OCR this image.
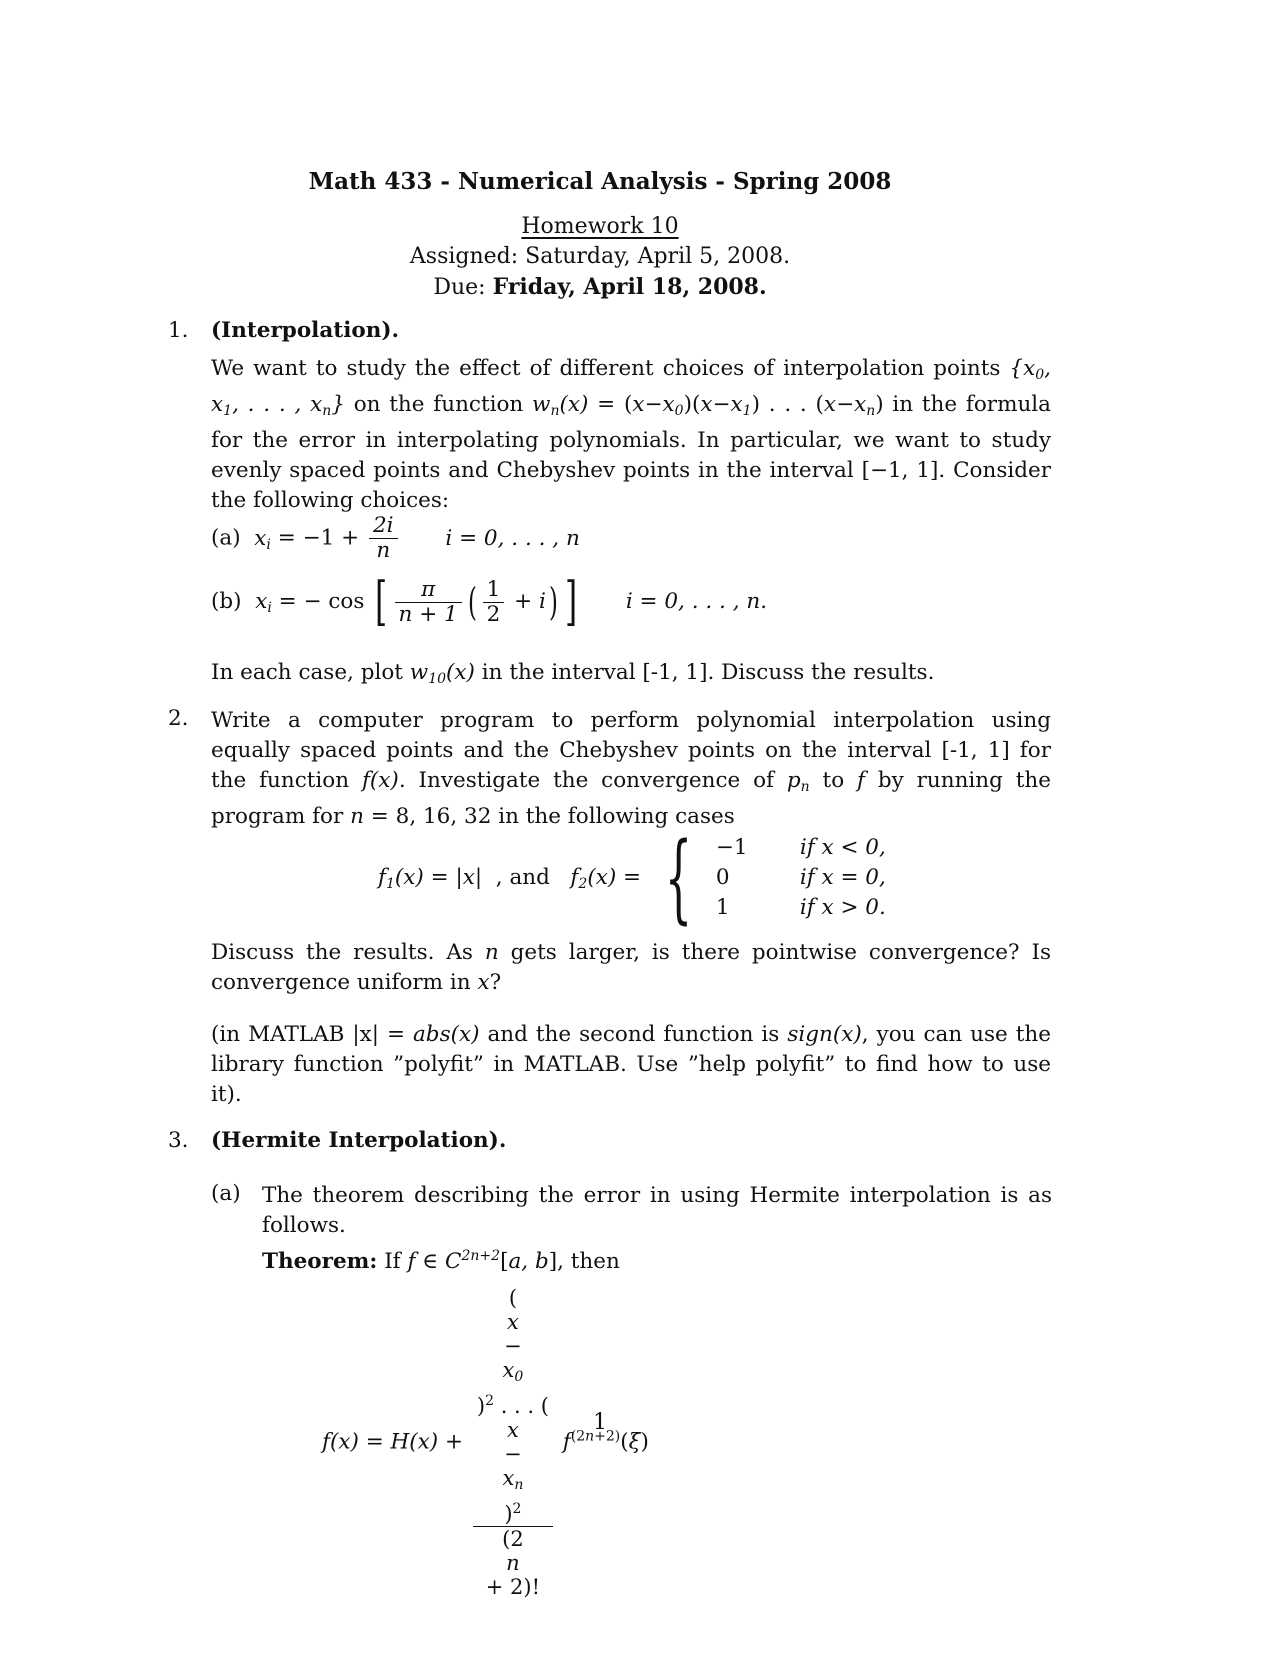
Math 433 - Numerical Analysis - Spring 2008
Homework 10
Assigned: Saturday, April 5, 2008.
Due: Friday, April 18, 2008.
1. (Interpolation).
We want to study the effect of different choices of interpolation points {$x_0$, $x_1$, . . . , $x_n$} on the function $w_n(x) = (x-x_0)(x-x_1)$ . . . $(x-x_n)$ in the formula for the error in interpolating polynomials. In particular, we want to study evenly spaced points and Chebyshev points in the interval [−1, 1]. Consider the following choices:
(a) $x_i = -1 + \frac{2i}{n}$ i = 0, . . . , n
(b) $x_i$ = − cos [ $\frac{\pi}{n + 1}$ ( $\frac{1}{2} + i$) ] i = 0, . . . , n.
In each case, plot $w_{10}(x)$ in the interval [-1, 1]. Discuss the results.
2. Write a computer program to perform polynomial interpolation using equally spaced points and the Chebyshev points on the interval [-1, 1] for the function f(x). Investigate the convergence of $p_n$ to f by running the program for n = 8, 16, 32 in the following cases
$f_1(x) = |x|$  , and $f_2(x)$ = { −1	if x < 0,
0	if x = 0,
1	if x > 0.
Discuss the results. As n gets larger, is there pointwise convergence? Is convergence uniform in x?
(in MATLAB |x| = abs(x) and the second function is sign(x), you can use the library function ”polyfit” in MATLAB. Use ”help polyfit” to find how to use it).
3. (Hermite Interpolation).
(a) The theorem describing the error in using Hermite interpolation is as follows.
Theorem: If f ∈ $C^{2n+2}[a$, b], then
f(x) = H(x) + (
x
−
$x_0$
)$^2$ . . . (
x
−
$x_n$
)$^2$
(2
n
+ 2)! $f^{(2n+2)}(\xi)$
1
